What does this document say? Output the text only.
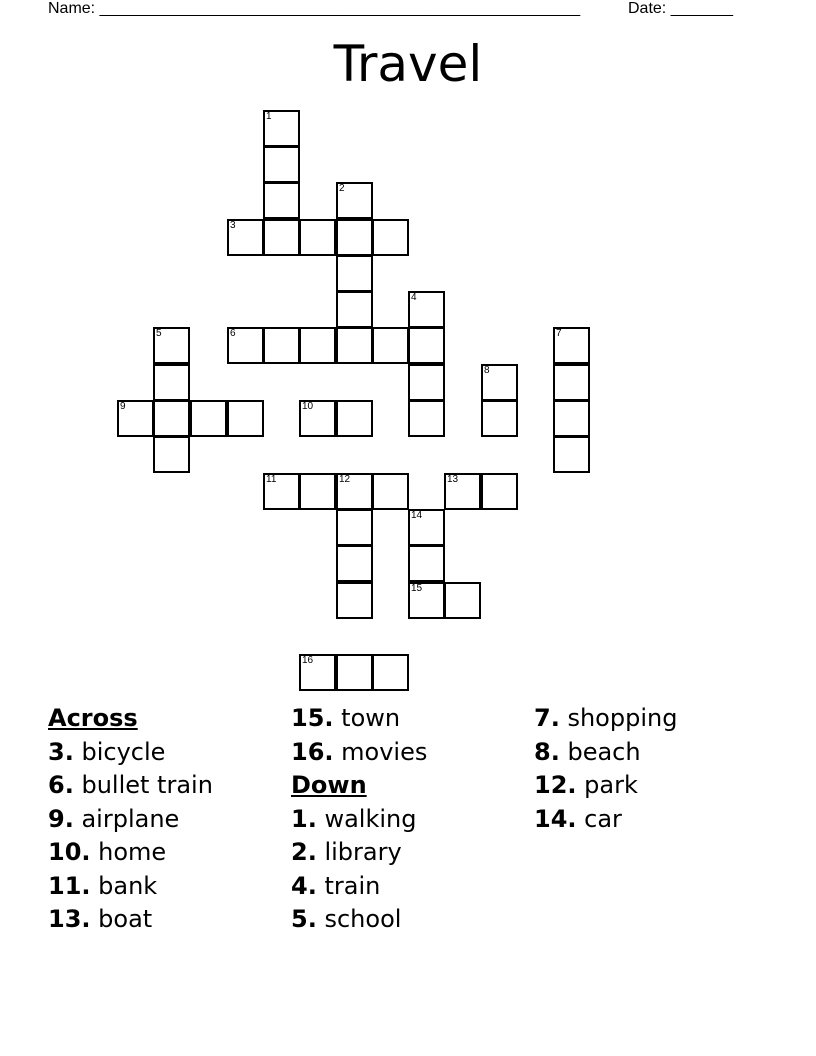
Name: ______________________________________________________	Date: _______
Travel
1
2
3
4
5	6	7
8
9	10
11	12	13
14
15
16
Across
3. bicycle
6. bullet train
9. airplane
10. home
11. bank
13. boat
15. town
16. movies
Down
1. walking
2. library
4. train
5. school
7. shopping
8. beach
12. park
14. car
